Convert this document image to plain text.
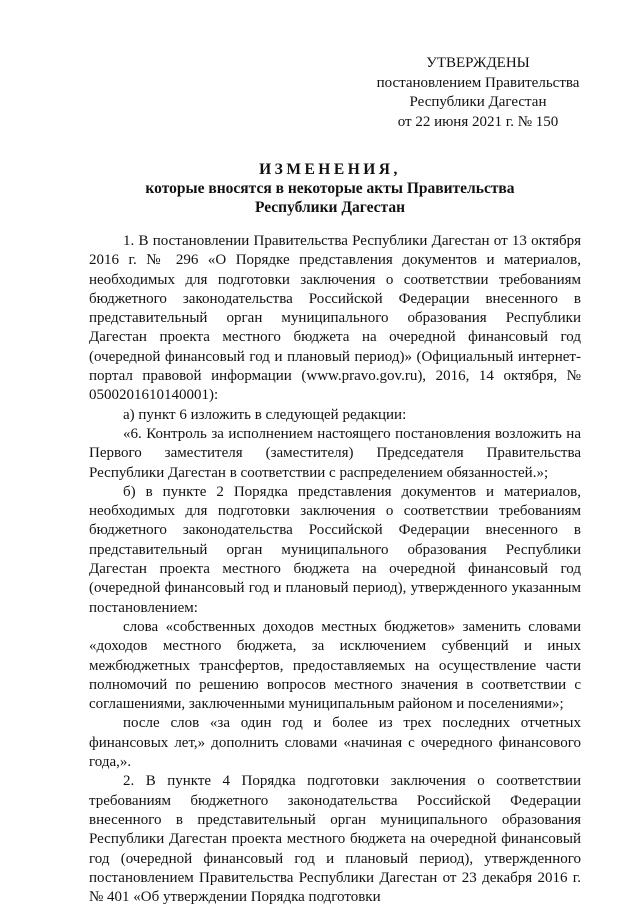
УТВЕРЖДЕНЫ
постановлением Правительства
Республики Дагестан
от 22 июня 2021 г. № 150
ИЗМЕНЕНИЯ,
которые вносятся в некоторые акты Правительства
Республики Дагестан

1. В постановлении Правительства Республики Дагестан от 13 октября 2016 г. № 296 «О Порядке представления документов и материалов, необходимых для подготовки заключения о соответствии требованиям бюджетного законодательства Российской Федерации внесенного в представительный орган муниципального образования Республики Дагестан проекта местного бюджета на очередной финансовый год (очередной финансовый год и плановый период)» (Официальный интернет-портал правовой информации (www.pravo.gov.ru), 2016, 14 октября, № 0500201610140001):

а) пункт 6 изложить в следующей редакции:

«6. Контроль за исполнением настоящего постановления возложить на Первого заместителя (заместителя) Председателя Правительства Республики Дагестан в соответствии с распределением обязанностей.»;

б) в пункте 2 Порядка представления документов и материалов, необходимых для подготовки заключения о соответствии требованиям бюджетного законодательства Российской Федерации внесенного в представительный орган муниципального образования Республики Дагестан проекта местного бюджета на очередной финансовый год (очередной финансовый год и плановый период), утвержденного указанным постановлением:

слова «собственных доходов местных бюджетов» заменить словами «доходов местного бюджета, за исключением субвенций и иных межбюджетных трансфертов, предоставляемых на осуществление части полномочий по решению вопросов местного значения в соответствии с соглашениями, заключенными муниципальным районом и поселениями»;

после слов «за один год и более из трех последних отчетных финансовых лет,» дополнить словами «начиная с очередного финансового года,».

2. В пункте 4 Порядка подготовки заключения о соответствии требованиям бюджетного законодательства Российской Федерации внесенного в представительный орган муниципального образования Республики Дагестан проекта местного бюджета на очередной финансовый год (очередной финансовый год и плановый период), утвержденного постановлением Правительства Республики Дагестан от 23 декабря 2016 г. № 401 «Об утверждении Порядка подготовки
